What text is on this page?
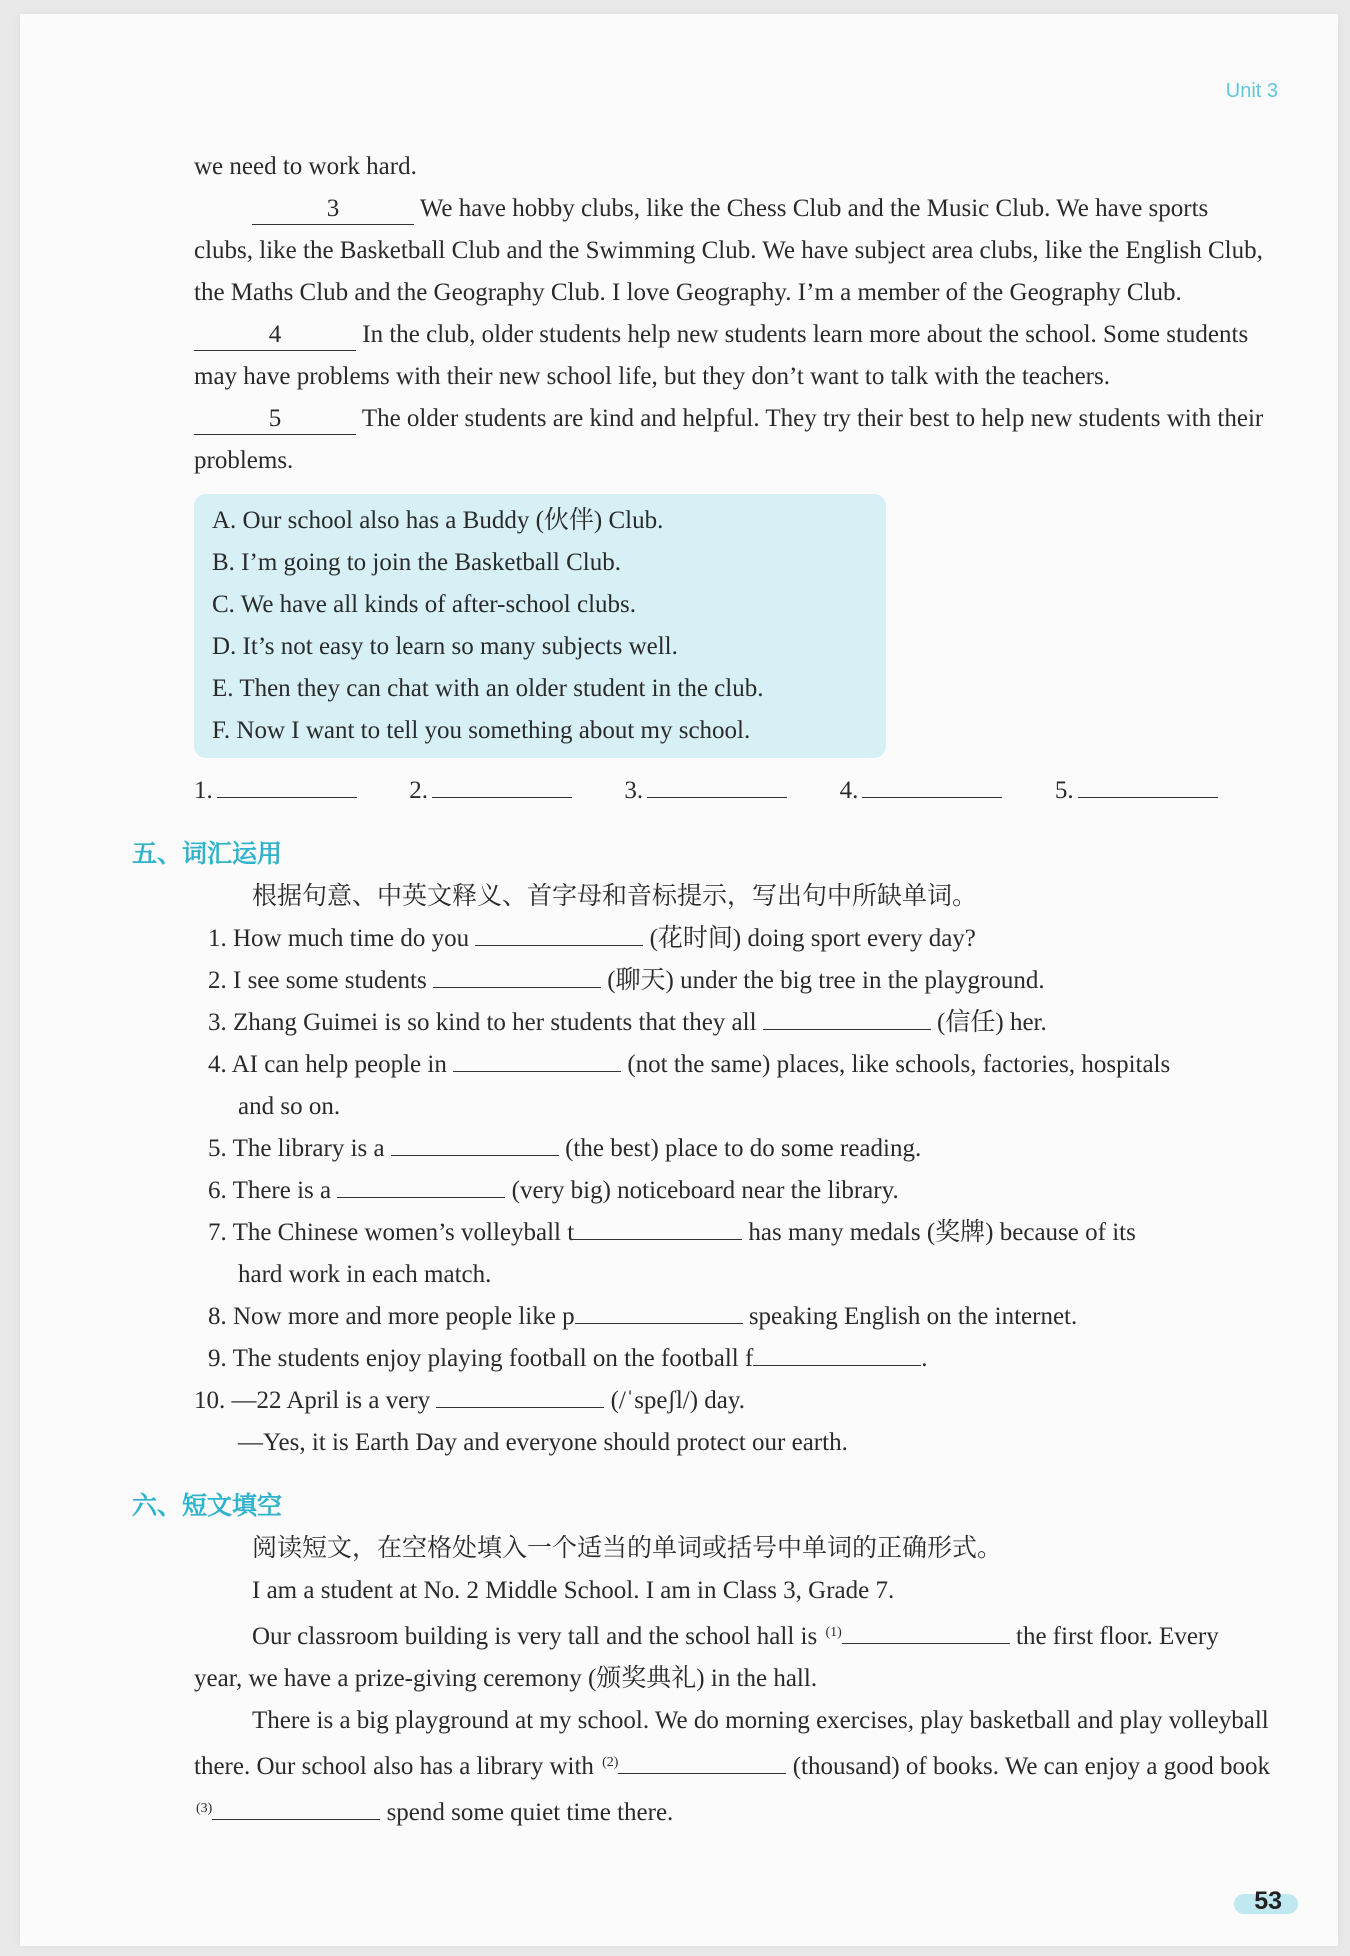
Unit 3

we need to work hard.

3	We have hobby clubs, like the Chess Club and the Music Club. We have sports clubs, like the Basketball Club and the Swimming Club. We have subject area clubs, like the English Club, the Maths Club and the Geography Club. I love Geography. I’m a member of the Geography Club. 4	In the club, older students help new students learn more about the school. Some students may have problems with their new school life, but they don’t want to talk with the teachers. 5	The older students are kind and helpful. They try their best to help new students with their problems.

A. Our school also has a Buddy (伙伴) Club.
B. I’m going to join the Basketball Club.
C. We have all kinds of after-school clubs.
D. It’s not easy to learn so many subjects well.
E. Then they can chat with an older student in the club.
F. Now I want to tell you something about my school.
1.	2.	3.	4.	5.
五、词汇运用

根据句意、中英文释义、首字母和音标提示，写出句中所缺单词。

1. How much time do you	(花时间) doing sport every day?

2. I see some students	(聊天) under the big tree in the playground.

3. Zhang Guimei is so kind to her students that they all	(信任) her.

4. AI can help people in	(not the same) places, like schools, factories, hospitals

and so on.

5. The library is a	(the best) place to do some reading.

6. There is a	(very big) noticeboard near the library.

7. The Chinese women’s volleyball t	has many medals (奖牌) because of its

hard work in each match.

8. Now more and more people like p	speaking English on the internet.

9. The students enjoy playing football on the football f	.

10. —22 April is a very	(/ˈspeʃl/) day.

—Yes, it is Earth Day and everyone should protect our earth.

六、短文填空

阅读短文，在空格处填入一个适当的单词或括号中单词的正确形式。

I am a student at No. 2 Middle School. I am in Class 3, Grade 7.

Our classroom building is very tall and the school hall is $^{(1)}$	the first floor. Every year, we have a prize-giving ceremony (颁奖典礼) in the hall.

There is a big playground at my school. We do morning exercises, play basketball and play volleyball there. Our school also has a library with $^{(2)}$	(thousand) of books. We can enjoy a good book $^{(3)}$	spend some quiet time there.

53
